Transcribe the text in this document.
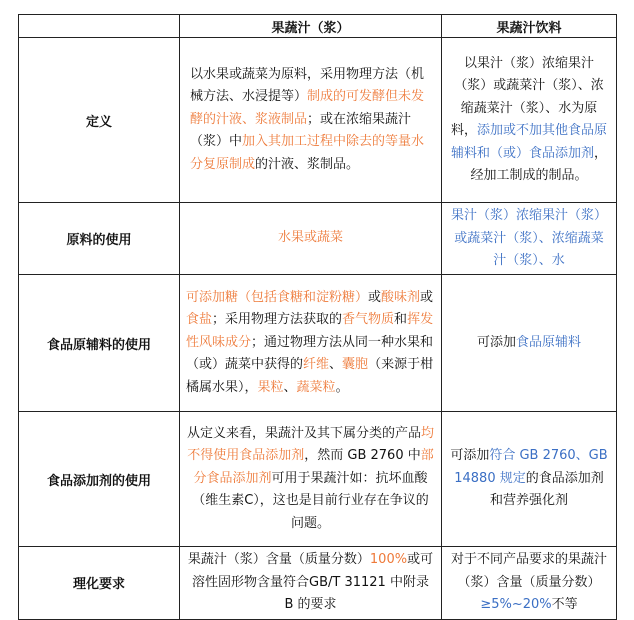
	果蔬汁（浆）	果蔬汁饮料
定义	以水果或蔬菜为原料，采用物理方法（机械方法、水浸提等）制成的可发酵但未发酵的汁液、浆液制品；或在浓缩果蔬汁（浆）中加入其加工过程中除去的等量水分复原制成的汁液、浆制品。	以果汁（浆）浓缩果汁（浆）或蔬菜汁（浆）、浓缩蔬菜汁（浆）、水为原料，添加或不加其他食品原辅料和（或）食品添加剂，经加工制成的制品。
原料的使用	水果或蔬菜	果汁（浆）浓缩果汁（浆）或蔬菜汁（浆）、浓缩蔬菜汁（浆）、水

食品原辅料的使用	可添加糖（包括食糖和淀粉糖）或酸味剂或食盐；采用物理方法获取的香气物质和挥发性风味成分；通过物理方法从同一种水果和（或）蔬菜中获得的纤维、囊胞（来源于柑橘属水果），果粒、蔬菜粒。	可添加食品原辅料
食品添加剂的使用	从定义来看，果蔬汁及其下属分类的产品均不得使用食品添加剂，然而 GB 2760 中部分食品添加剂可用于果蔬汁如：抗坏血酸（维生素C），这也是目前行业存在争议的问题。	可添加符合 GB 2760、GB 14880 规定的食品添加剂和营养强化剂
理化要求	果蔬汁（浆）含量（质量分数）100%或可溶性固形物含量符合GB/T 31121 中附录 B 的要求	对于不同产品要求的果蔬汁（浆）含量（质量分数）≥5%~20%不等
